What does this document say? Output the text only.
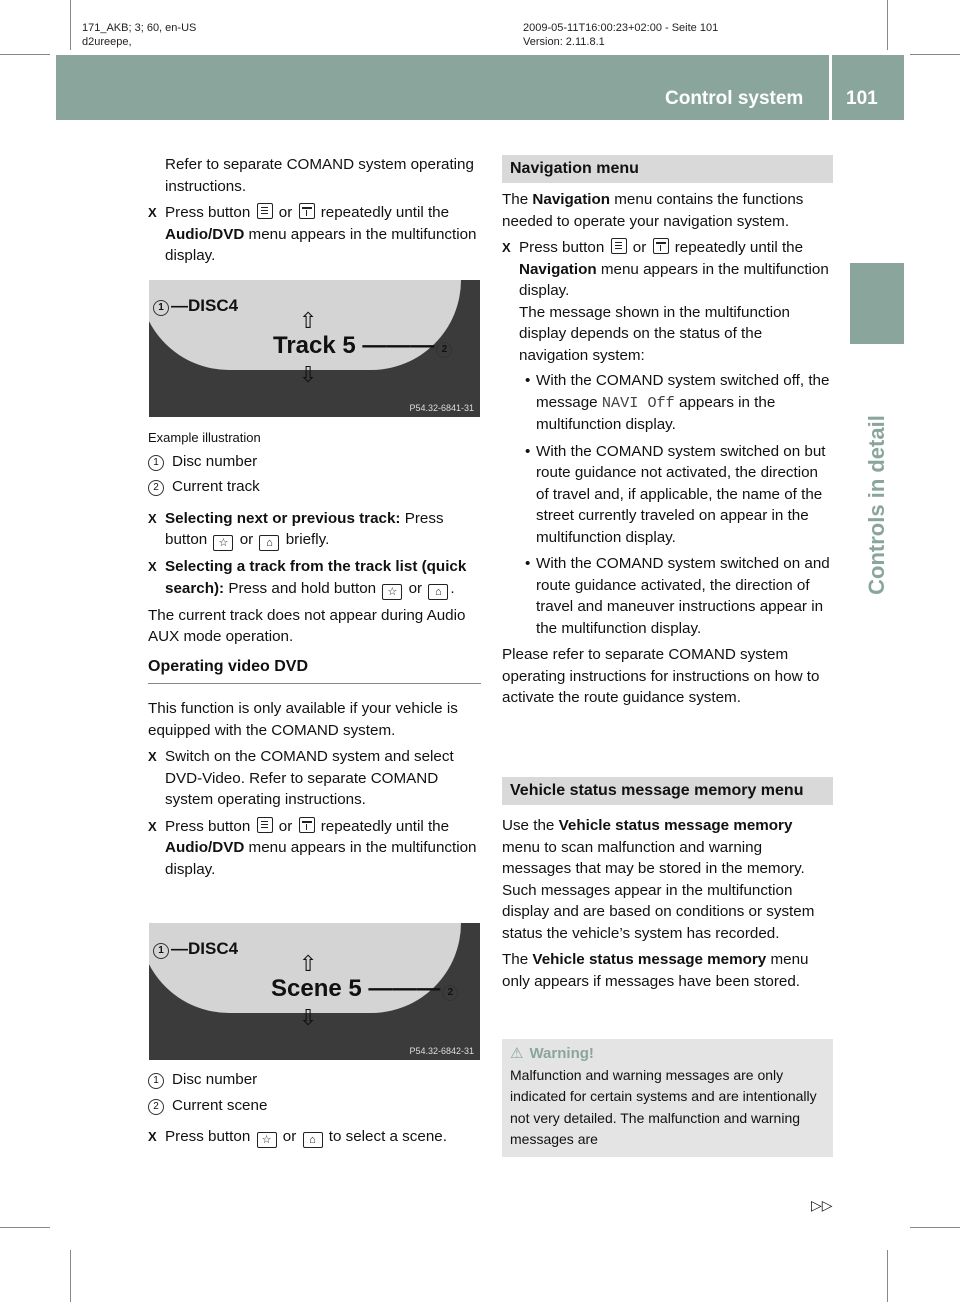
171_AKB; 3; 60, en-US
d2ureepe,
2009-05-11T16:00:23+02:00 - Seite 101
Version: 2.11.8.1
Control system 101
Controls in detail

Refer to separate COMAND system operating instructions.

X Press button or repeatedly until the Audio/DVD menu appears in the multifunction display.
1 —DISC4
⇧
Track 5 ——— 2
⇩
P54.32-6841-31
Example illustration
1 Disc number
2 Current track
X Selecting next or previous track: Press button ☆ or ⌂ briefly.
X Selecting a track from the track list (quick search): Press and hold button ☆ or ⌂ .

The current track does not appear during Audio AUX mode operation.

Operating video DVD

This function is only available if your vehicle is equipped with the COMAND system.

X Switch on the COMAND system and select DVD-Video. Refer to separate COMAND system operating instructions.
X Press button or repeatedly until the Audio/DVD menu appears in the multifunction display.
1 —DISC4
⇧
Scene 5 ——— 2
⇩
P54.32-6842-31
1 Disc number
2 Current scene
X Press button ☆ or ⌂ to select a scene.
Navigation menu

The Navigation menu contains the functions needed to operate your navigation system.

X Press button or repeatedly until the Navigation menu appears in the multifunction display.
The message shown in the multifunction display depends on the status of the navigation system:
• With the COMAND system switched off, the message NAVI Off appears in the multifunction display.
• With the COMAND system switched on but route guidance not activated, the direction of travel and, if applicable, the name of the street currently traveled on appear in the multifunction display.
• With the COMAND system switched on and route guidance activated, the direction of travel and maneuver instructions appear in the multifunction display.

Please refer to separate COMAND system operating instructions for instructions on how to activate the route guidance system.

Vehicle status message memory menu

Use the Vehicle status message memory menu to scan malfunction and warning messages that may be stored in the memory. Such messages appear in the multifunction display and are based on conditions or system status the vehicle’s system has recorded.

The Vehicle status message memory menu only appears if messages have been stored.

⚠ Warning!
Malfunction and warning messages are only indicated for certain systems and are intentionally not very detailed. The malfunction and warning messages are
▷▷
